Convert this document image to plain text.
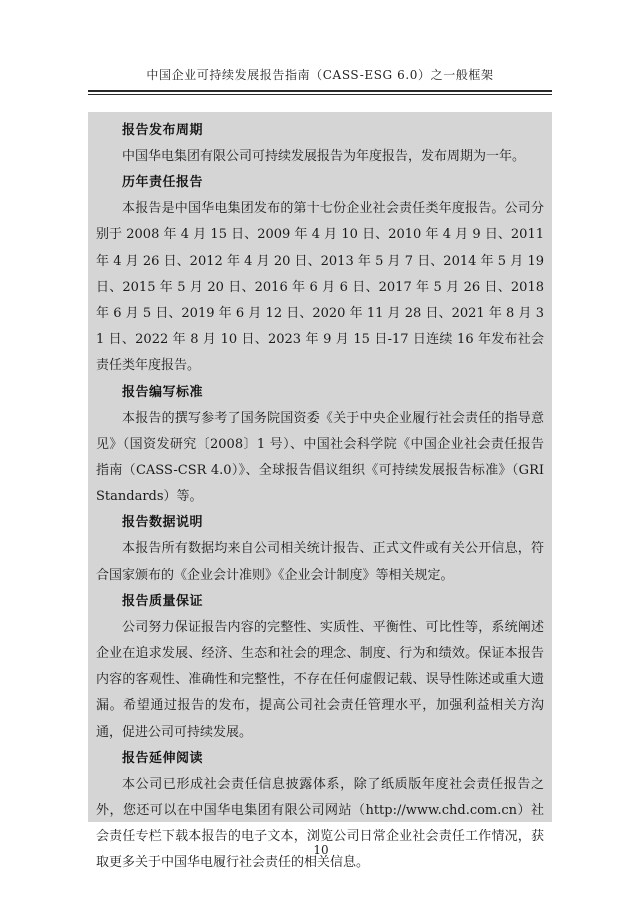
中国企业可持续发展报告指南（CASS-ESG 6.0）之一般框架
报告发布周期

中国华电集团有限公司可持续发展报告为年度报告，发布周期为一年。

历年责任报告

本报告是中国华电集团发布的第十七份企业社会责任类年度报告。公司分别于 2008 年 4 月 15 日、2009 年 4 月 10 日、2010 年 4 月 9 日、2011 年 4 月 26 日、2012 年 4 月 20 日、2013 年 5 月 7 日、2014 年 5 月 19 日、2015 年 5 月 20 日、2016 年 6 月 6 日、2017 年 5 月 26 日、2018 年 6 月 5 日、2019 年 6 月 12 日、2020 年 11 月 28 日、2021 年 8 月 31 日、2022 年 8 月 10 日、2023 年 9 月 15 日-17 日连续 16 年发布社会责任类年度报告。

报告编写标准

本报告的撰写参考了国务院国资委《关于中央企业履行社会责任的指导意见》（国资发研究〔2008〕1 号）、中国社会科学院《中国企业社会责任报告指南（CASS-CSR 4.0）》、全球报告倡议组织《可持续发展报告标准》（GRI Standards）等。

报告数据说明

本报告所有数据均来自公司相关统计报告、正式文件或有关公开信息，符合国家颁布的《企业会计准则》《企业会计制度》等相关规定。

报告质量保证

公司努力保证报告内容的完整性、实质性、平衡性、可比性等，系统阐述企业在追求发展、经济、生态和社会的理念、制度、行为和绩效。保证本报告内容的客观性、准确性和完整性，不存在任何虚假记载、误导性陈述或重大遗漏。希望通过报告的发布，提高公司社会责任管理水平，加强利益相关方沟通，促进公司可持续发展。

报告延伸阅读

本公司已形成社会责任信息披露体系，除了纸质版年度社会责任报告之外，您还可以在中国华电集团有限公司网站（http://www.chd.com.cn）社会责任专栏下载本报告的电子文本，浏览公司日常企业社会责任工作情况，获取更多关于中国华电履行社会责任的相关信息。

10
